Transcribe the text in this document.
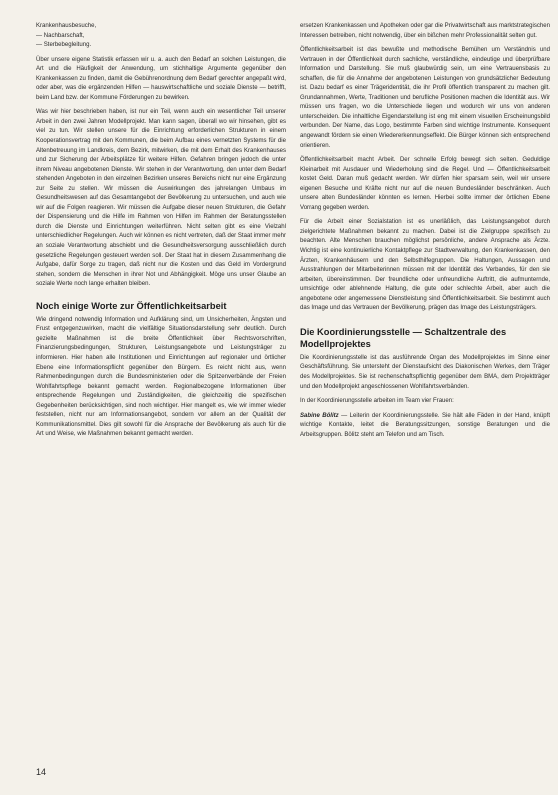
Krankenhausbesuche,

— Nachbarschaft,

— Sterbebegleitung.

Über unsere eigene Statistik erfassen wir u. a. auch den Bedarf an solchen Leistungen, die Art und die Häufigkeit der Anwendung, um stichhaltige Argumente gegenüber den Krankenkassen zu finden, damit die Gebührenordnung dem Bedarf gerechter angepaßt wird, oder aber, was die ergänzenden Hilfen — hauswirtschaftliche und soziale Dienste — betrifft, beim Land bzw. der Kommune Förderungen zu bewirken.

Was wir hier beschrieben haben, ist nur ein Teil, wenn auch ein wesentlicher Teil unserer Arbeit in den zwei Jahren Modellprojekt. Man kann sagen, überall wo wir hinsehen, gibt es viel zu tun. Wir stellen unsere für die Einrichtung erforderlichen Strukturen in einem Kooperationsvertrag mit den Kommunen, die beim Aufbau eines vernetzten Systems für die Altenbetreuung im Landkreis, dem Bezirk, mitwirken, die mit dem Erhalt des Krankenhauses und zur Sicherung der Arbeitsplätze für weitere Hilfen. Gefahren bringen jedoch die unter ihrem Niveau angebotenen Dienste. Wir stehen in der Verantwortung, den unter dem Bedarf stehenden Angeboten in den einzelnen Bezirken unseres Bereichs nicht nur eine Ergänzung zur Seite zu stellen. Wir müssen die Auswirkungen des jahrelangen Umbaus im Gesundheitswesen auf das Gesamtangebot der Bevölkerung zu untersuchen, und auch wie wir auf die Folgen reagieren. Wir müssen die Aufgabe dieser neuen Strukturen, die Gefahr der Dispensierung und die Hilfe im Rahmen von Hilfen im Rahmen der Beratungsstellen durch die Dienste und Einrichtungen weiterführen. Nicht selten gibt es eine Vielzahl unterschiedlicher Regelungen. Auch wir können es nicht vertreten, daß der Staat immer mehr an soziale Verantwortung abschiebt und die Gesundheitsversorgung ausschließlich durch gesetzliche Regelungen gesteuert werden soll. Der Staat hat in diesem Zusammenhang die Aufgabe, dafür Sorge zu tragen, daß nicht nur die Kosten und das Geld im Vordergrund stehen, sondern die Menschen in ihrer Not und Abhängigkeit. Möge uns unser Glaube an soziale Werte noch lange erhalten bleiben.

Noch einige Worte zur Öffentlichkeitsarbeit

Wie dringend notwendig Information und Aufklärung sind, um Unsicherheiten, Ängsten und Frust entgegenzuwirken, macht die vielfältige Situationsdarstellung sehr deutlich. Durch gezielte Maßnahmen ist die breite Öffentlichkeit über Rechtsvorschriften, Finanzierungsbedingungen, Strukturen, Leistungsangebote und Leistungsträger zu informieren. Hier haben alle Institutionen und Einrichtungen auf regionaler und örtlicher Ebene eine Informationspflicht gegenüber den Bürgern. Es reicht nicht aus, wenn Rahmenbedingungen durch die Bundesministerien oder die Spitzenverbände der Freien Wohlfahrtspflege bekannt gemacht werden. Regionalbezogene Informationen über entsprechende Regelungen und Zuständigkeiten, die gleichzeitig die spezifischen Gegebenheiten berücksichtigen, sind noch wichtiger. Hier mangelt es, wie wir immer wieder feststellen, nicht nur am Informationsangebot, sondern vor allem an der Qualität der Kommunikationsmittel. Dies gilt sowohl für die Ansprache der Bevölkerung als auch für die Art und Weise, wie Maßnahmen bekannt gemacht werden.

ersetzen Krankenkassen und Apotheken oder gar die Privatwirtschaft aus marktstrategischen Interessen betreiben, nicht notwendig, über ein bißchen mehr Professionalität selten gut.

Öffentlichkeitsarbeit ist das bewußte und methodische Bemühen um Verständnis und Vertrauen in der Öffentlichkeit durch sachliche, verständliche, eindeutige und überprüfbare Information und Darstellung. Sie muß glaubwürdig sein, um eine Vertrauensbasis zu schaffen, die für die Annahme der angebotenen Leistungen von grundsätzlicher Bedeutung ist. Dazu bedarf es einer Trägeridentität, die ihr Profil öffentlich transparent zu machen gilt. Grundannahmen, Werte, Traditionen und berufliche Positionen machen die Identität aus. Wir müssen uns fragen, wo die Unterschiede liegen und wodurch wir uns von anderen unterscheiden. Die inhaltliche Eigendarstellung ist eng mit einem visuellen Erscheinungsbild verbunden. Der Name, das Logo, bestimmte Farben sind wichtige Instrumente. Konsequent angewandt fördern sie einen Wiedererkennungseffekt. Die Bürger können sich entsprechend orientieren.

Öffentlichkeitsarbeit macht Arbeit. Der schnelle Erfolg bewegt sich selten. Geduldige Kleinarbeit mit Ausdauer und Wiederholung sind die Regel. Und — Öffentlichkeitsarbeit kostet Geld. Daran muß gedacht werden. Wir dürfen hier sparsam sein, weil wir unsere eigenen Besuche und Kräfte nicht nur auf die neuen Bundesländer beschränken. Auch unsere alten Bundesländer könnten es lernen. Hierbei sollte immer der örtlichen Ebene Vorrang gegeben werden.

Für die Arbeit einer Sozialstation ist es unerläßlich, das Leistungsangebot durch zielgerichtete Maßnahmen bekannt zu machen. Dabei ist die Zielgruppe spezifisch zu beachten. Alte Menschen brauchen möglichst persönliche, andere Ansprache als Ärzte. Wichtig ist eine kontinuierliche Kontaktpflege zur Stadtverwaltung, den Krankenkassen, den Ärzten, Krankenhäusern und den Selbsthilfegruppen. Die Haltungen, Aussagen und Ausstrahlungen der Mitarbeiterinnen müssen mit der Identität des Verbandes, für den sie arbeiten, übereinstimmen. Der freundliche oder unfreundliche Auftritt, die aufmunternde, umsichtige oder ablehnende Haltung, die gute oder schlechte Arbeit, aber auch die angebotene oder angemessene Dienstleistung sind Öffentlichkeitsarbeit. Sie bestimmt auch das Image und das Vertrauen der Bevölkerung, prägen das Image des Leistungsträgers.

Die Koordinierungsstelle — Schaltzentrale des Modellprojektes

Die Koordinierungsstelle ist das ausführende Organ des Modellprojektes im Sinne einer Geschäftsführung. Sie untersteht der Dienstaufsicht des Diakonischen Werkes, dem Träger des Modellprojektes. Sie ist rechenschaftspflichtig gegenüber dem BMA, dem Projektträger und den Modellprojekt angeschlossenen Wohlfahrtsverbänden.

In der Koordinierungsstelle arbeiten im Team vier Frauen:

Sabine Bölitz — Leiterin der Koordinierungsstelle. Sie hält alle Fäden in der Hand, knüpft wichtige Kontakte, leitet die Beratungssitzungen, sonstige Beratungen und die Arbeitsgruppen. Bölitz steht am Telefon und am Tisch.

14
